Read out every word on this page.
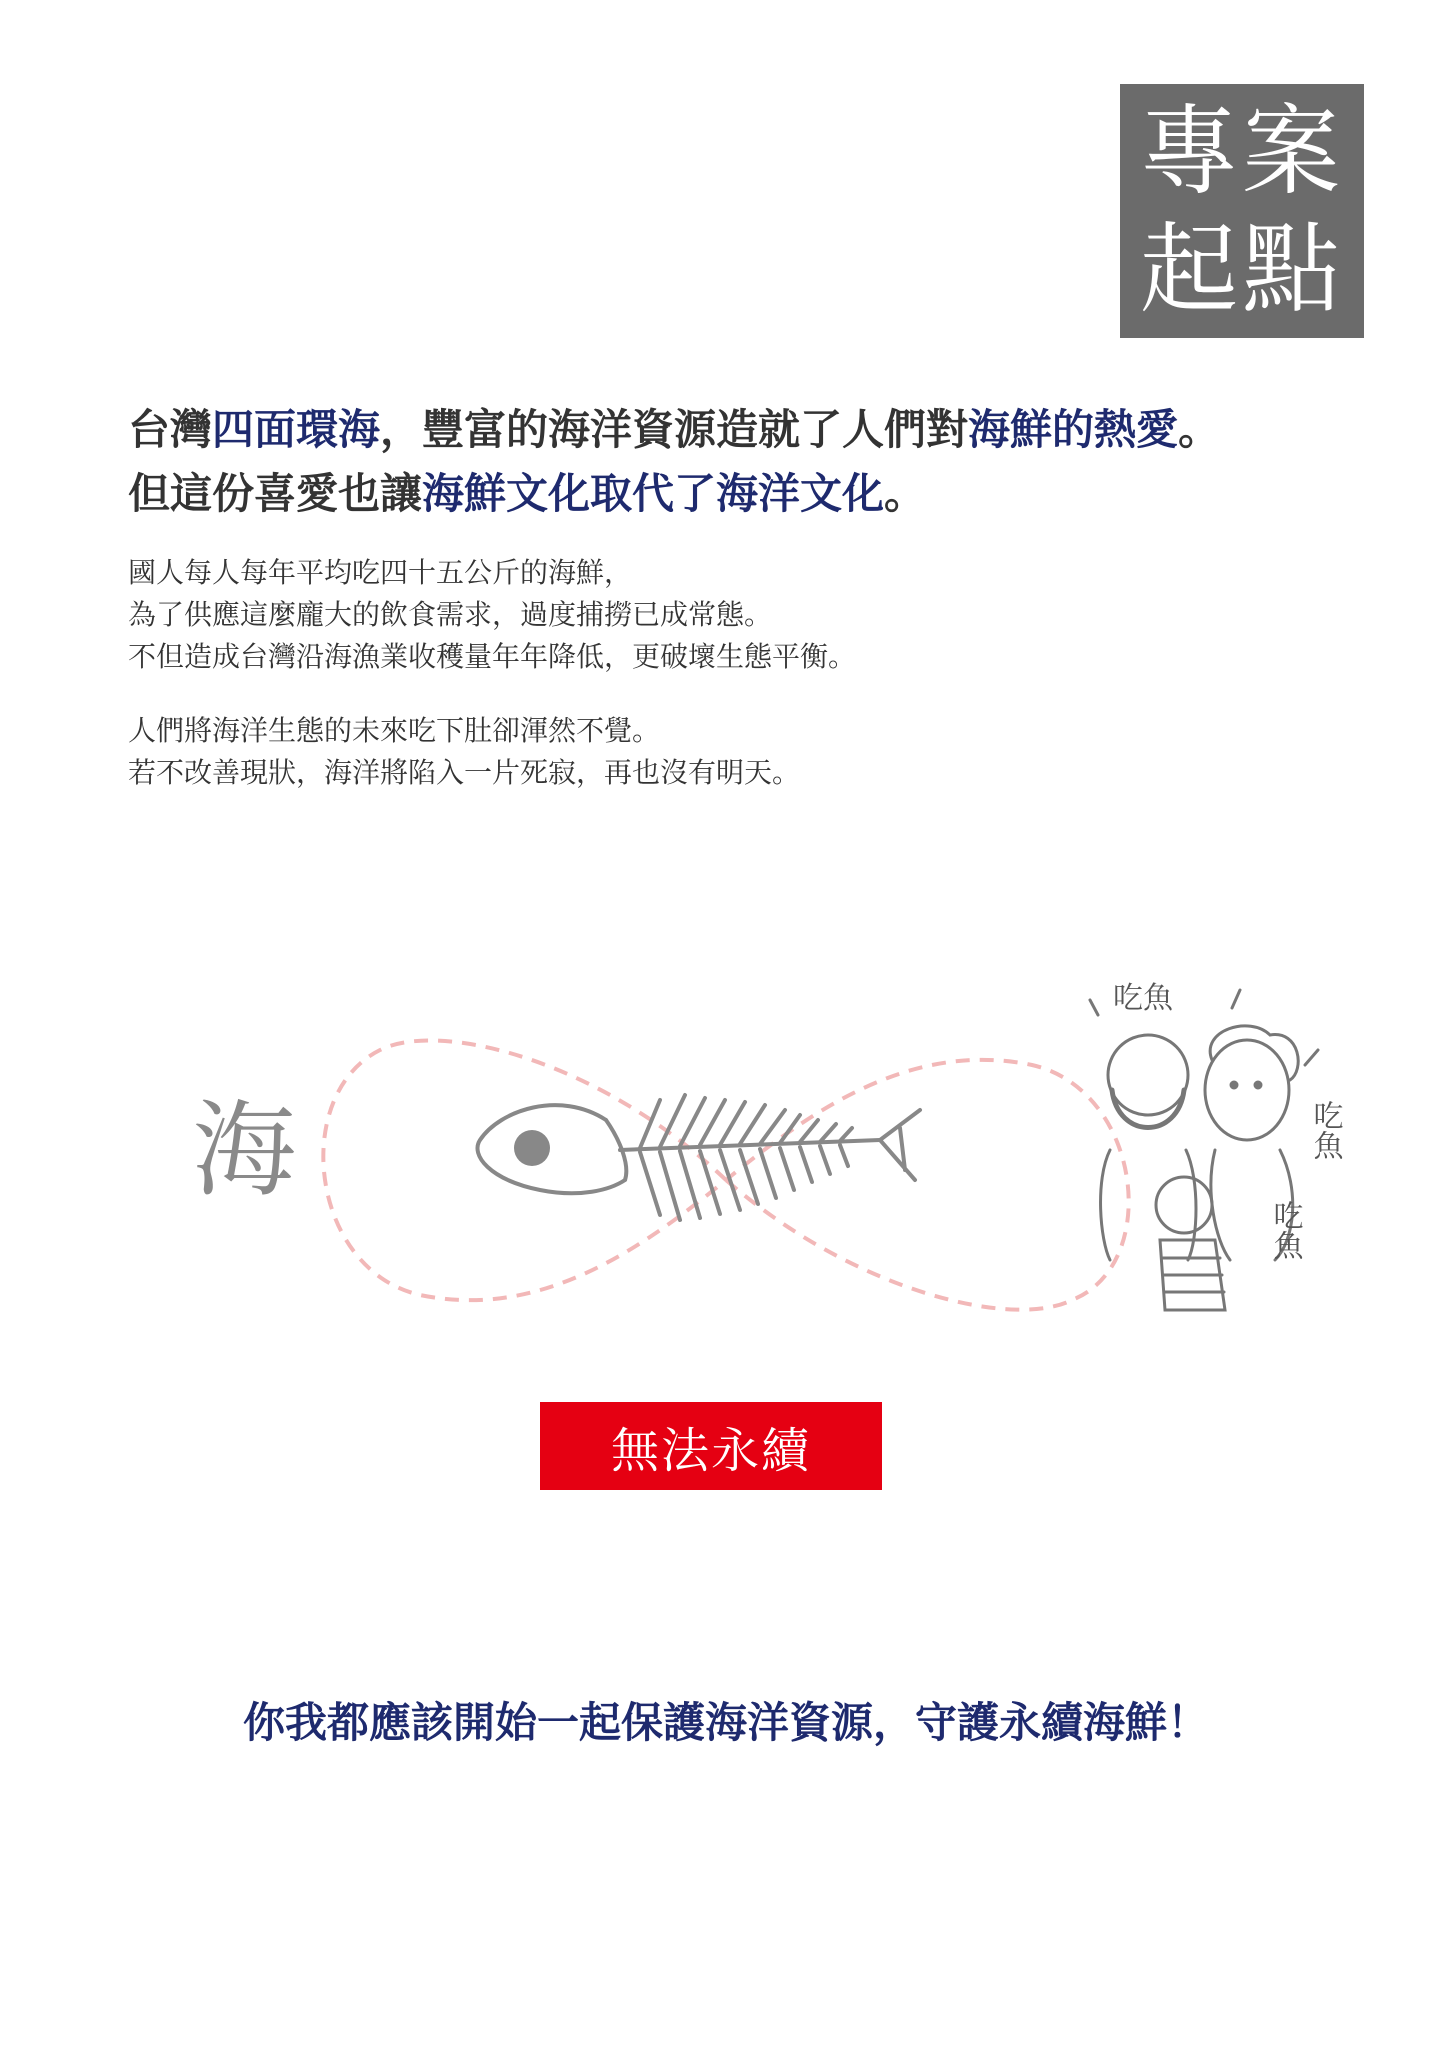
專案
起點
台灣四面環海，豐富的海洋資源造就了人們對海鮮的熱愛。
但這份喜愛也讓海鮮文化取代了海洋文化。
國人每人每年平均吃四十五公斤的海鮮，
為了供應這麼龐大的飲食需求，過度捕撈已成常態。
不但造成台灣沿海漁業收穫量年年降低，更破壞生態平衡。
人們將海洋生態的未來吃下肚卻渾然不覺。
若不改善現狀，海洋將陷入一片死寂，再也沒有明天。
吃魚
吃魚
吃魚
海
無法永續
你我都應該開始一起保護海洋資源，守護永續海鮮！
